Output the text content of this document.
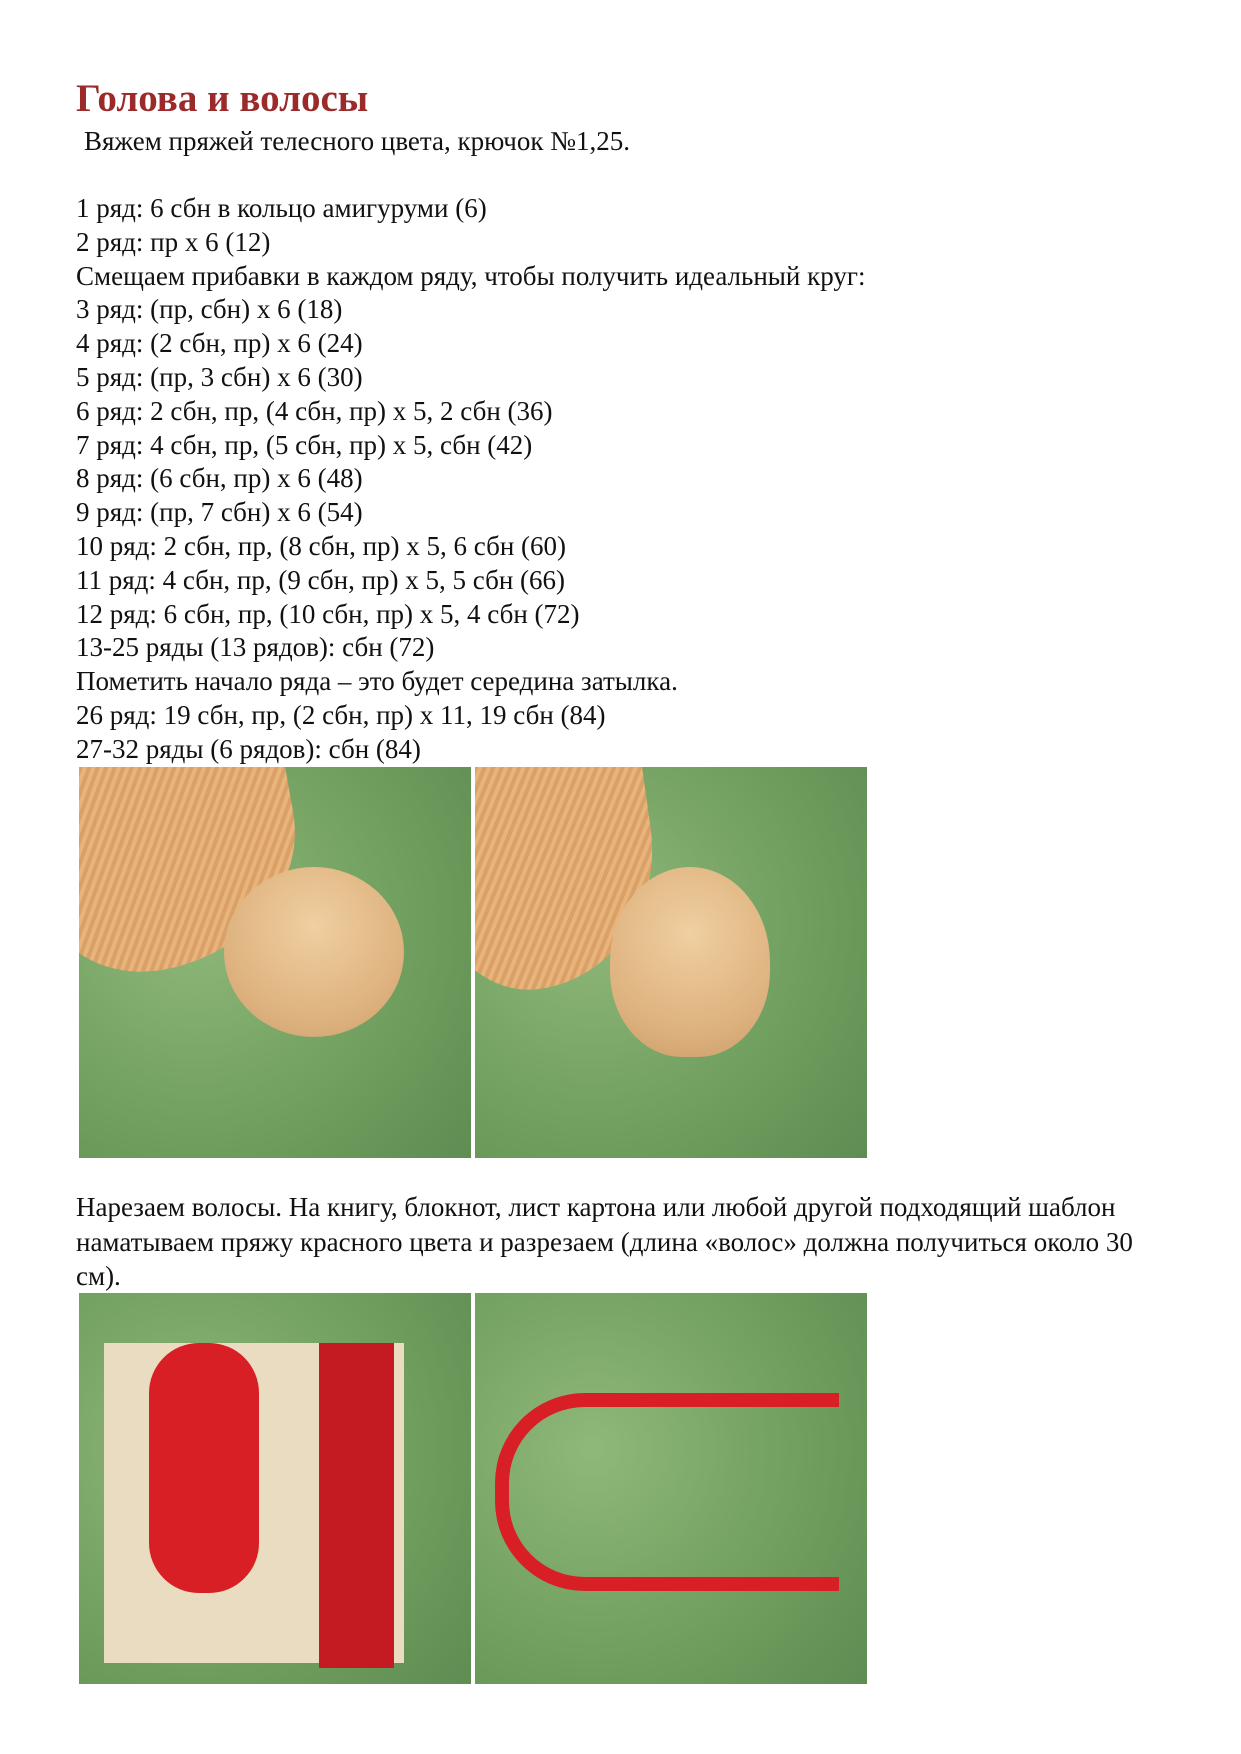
Голова и волосы
Вяжем пряжей телесного цвета, крючок №1,25.
1 ряд: 6 сбн в кольцо амигуруми (6)
2 ряд: пр х 6 (12)
Смещаем прибавки в каждом ряду, чтобы получить идеальный круг:
3 ряд: (пр, сбн) х 6 (18)
4 ряд: (2 сбн, пр) х 6 (24)
5 ряд: (пр, 3 сбн) х 6 (30)
6 ряд: 2 сбн, пр, (4 сбн, пр) х 5, 2 сбн (36)
7 ряд: 4 сбн, пр, (5 сбн, пр) х 5, сбн (42)
8 ряд: (6 сбн, пр) х 6 (48)
9 ряд: (пр, 7 сбн) х 6 (54)
10 ряд: 2 сбн, пр, (8 сбн, пр) х 5, 6 сбн (60)
11 ряд: 4 сбн, пр, (9 сбн, пр) х 5, 5 сбн (66)
12 ряд: 6 сбн, пр, (10 сбн, пр) х 5, 4 сбн (72)
13-25 ряды (13 рядов): сбн (72)
Пометить начало ряда – это будет середина затылка.
26 ряд: 19 сбн, пр, (2 сбн, пр) х 11, 19 сбн (84)
27-32 ряды (6 рядов): сбн (84)
Нарезаем волосы. На книгу, блокнот, лист картона или любой другой подходящий шаблон наматываем пряжу красного цвета и разрезаем (длина «волос» должна получиться около 30 см).
